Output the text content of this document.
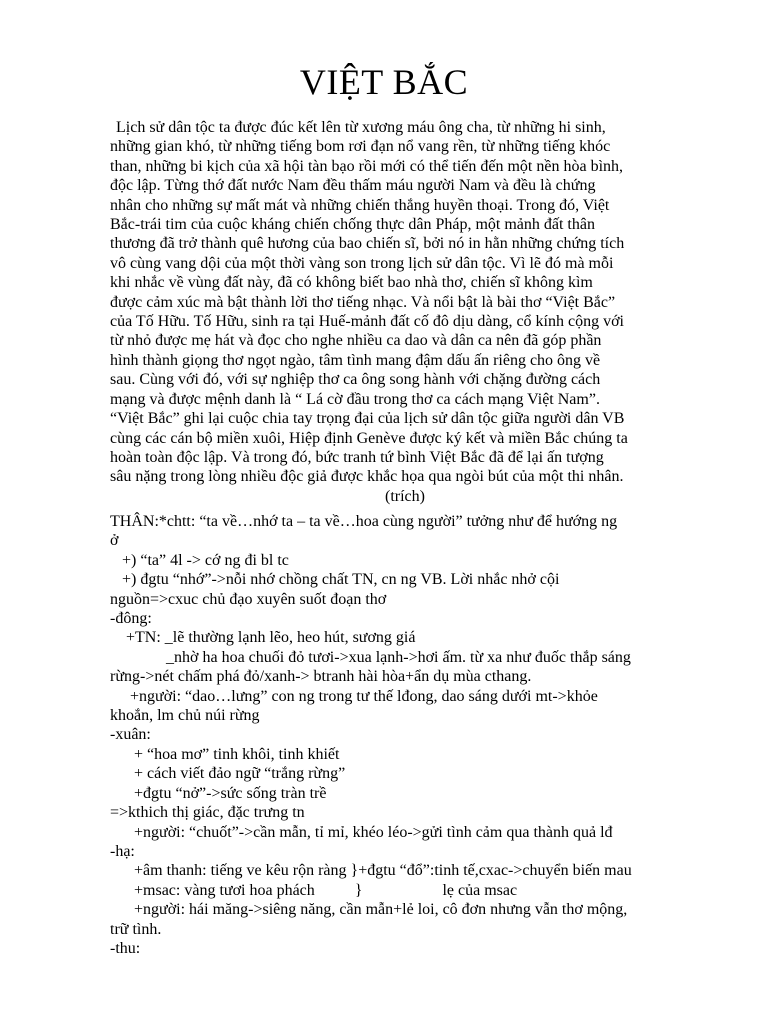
VIỆT BẮC
Lịch sử dân tộc ta được đúc kết lên từ xương máu ông cha, từ những hi sinh,
những gian khó, từ những tiếng bom rơi đạn nổ vang rền, từ những tiếng khóc
than, những bi kịch của xã hội tàn bạo rồi mới có thể tiến đến một nền hòa bình,
độc lập. Từng thớ đất nước Nam đều thấm máu người Nam và đều là chứng
nhân cho những sự mất mát và những chiến thắng huyền thoại. Trong đó, Việt
Bắc-trái tim của cuộc kháng chiến chống thực dân Pháp, một mảnh đất thân
thương đã trở thành quê hương của bao chiến sĩ, bởi nó in hằn những chứng tích
vô cùng vang dội của một thời vàng son trong lịch sử dân tộc. Vì lẽ đó mà mỗi
khi nhắc về vùng đất này, đã có không biết bao nhà thơ, chiến sĩ không kìm
được cảm xúc mà bật thành lời thơ tiếng nhạc. Và nổi bật là bài thơ “Việt Bắc”
của Tố Hữu. Tố Hữu, sinh ra tại Huế-mảnh đất cố đô dịu dàng, cổ kính cộng với
từ nhỏ được mẹ hát và đọc cho nghe nhiều ca dao và dân ca nên đã góp phần
hình thành giọng thơ ngọt ngào, tâm tình mang đậm dấu ấn riêng cho ông về
sau. Cùng với đó, với sự nghiệp thơ ca ông song hành với chặng đường cách
mạng và được mệnh danh là “ Lá cờ đầu trong thơ ca cách mạng Việt Nam”.
“Việt Bắc” ghi lại cuộc chia tay trọng đại của lịch sử dân tộc giữa người dân VB
cùng các cán bộ miền xuôi, Hiệp định Genève được ký kết và miền Bắc chúng ta
hoàn toàn độc lập. Và trong đó, bức tranh tứ bình Việt Bắc đã để lại ấn tượng
sâu nặng trong lòng nhiều độc giả được khắc họa qua ngòi bút của một thi nhân.
(trích)
THÂN:*chtt: “ta về…nhớ ta – ta về…hoa cùng người” tưởng như để hướng ng
ở
+) “ta” 4l -> cớ ng đi bl tc
+) đgtu “nhớ”->nỗi nhớ chồng chất TN, cn ng VB. Lời nhắc nhở cội
nguồn=>cxuc chủ đạo xuyên suốt đoạn thơ
-đông:
+TN: _lẽ thường lạnh lẽo, heo hút, sương giá
_nhờ ha hoa chuối đỏ tươi->xua lạnh->hơi ấm. từ xa như đuốc thắp sáng
rừng->nét chấm phá đỏ/xanh-> btranh hài hòa+ẩn dụ mùa cthang.
+người: “dao…lưng” con ng trong tư thế lđong, dao sáng dưới mt->khỏe
khoắn, lm chủ núi rừng
-xuân:
+ “hoa mơ” tinh khôi, tinh khiết
+ cách viết đảo ngữ “trắng rừng”
+đgtu “nở”->sức sống tràn trề
=>kthich thị giác, đặc trưng tn
+người: “chuốt”->cần mẫn, tỉ mỉ, khéo léo->gửi tình cảm qua thành quả lđ
-hạ:
+âm thanh: tiếng ve kêu rộn ràng }+đgtu “đổ”:tinh tế,cxac->chuyển biến mau
+msac: vàng tươi hoa phách          }                    lẹ của msac
+người: hái măng->siêng năng, cần mẫn+lẻ loi, cô đơn nhưng vẫn thơ mộng,
trữ tình.
-thu:
